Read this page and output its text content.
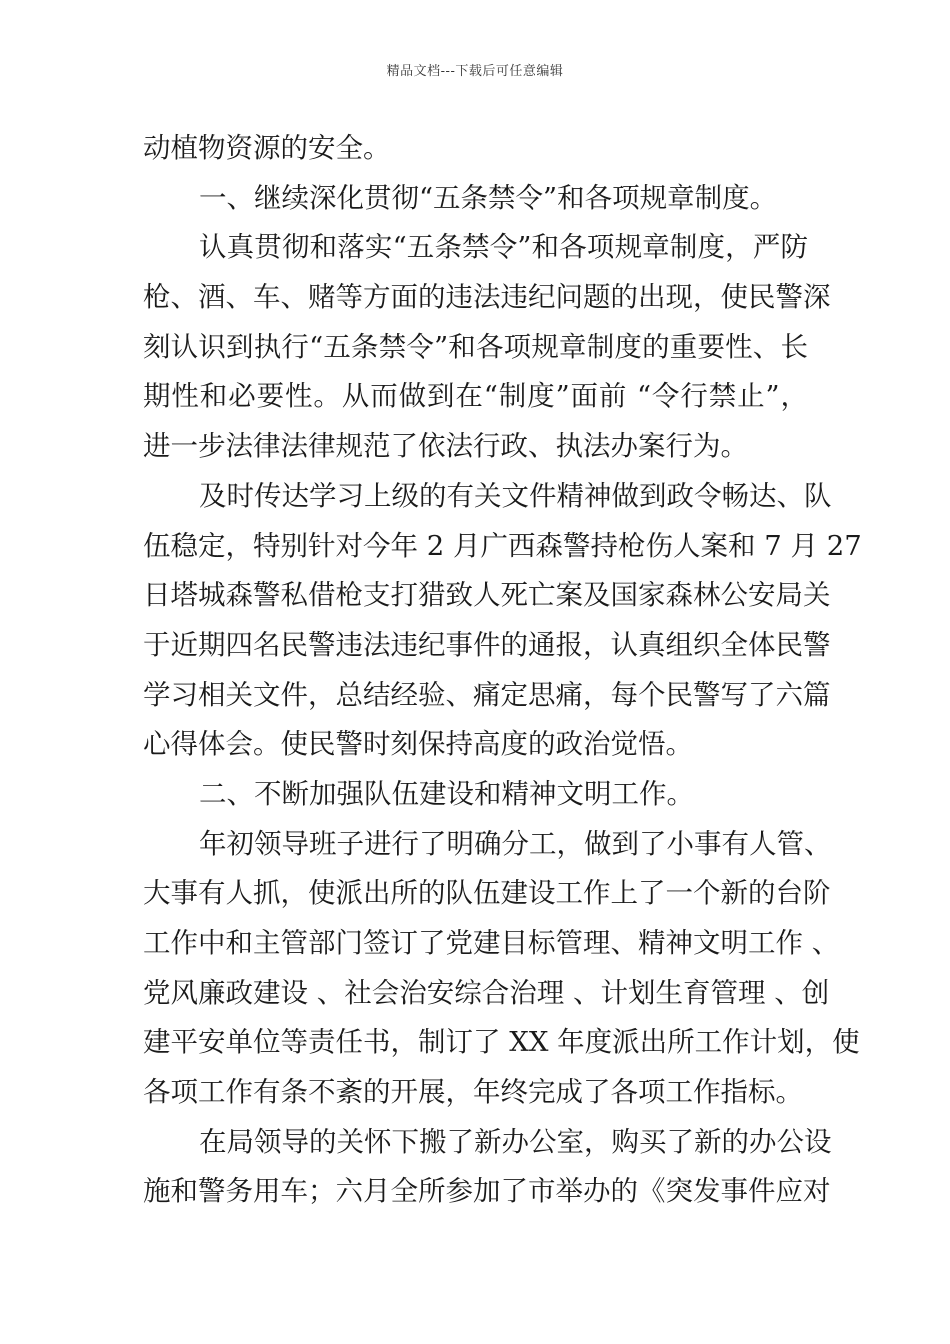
精品文档---下载后可任意编辑
动植物资源的安全。
一、继续深化贯彻“五条禁令”和各项规章制度。
认真贯彻和落实“五条禁令”和各项规章制度，严防
枪、酒、车、赌等方面的违法违纪问题的出现，使民警深
刻认识到执行“五条禁令”和各项规章制度的重要性、长
期性和必要性。从而做到在“制度”面前 “令行禁止”，
进一步法律法律规范了依法行政、执法办案行为。
及时传达学习上级的有关文件精神做到政令畅达、队
伍稳定，特别针对今年 2 月广西森警持枪伤人案和 7 月 27
日塔城森警私借枪支打猎致人死亡案及国家森林公安局关
于近期四名民警违法违纪事件的通报，认真组织全体民警
学习相关文件，总结经验、痛定思痛，每个民警写了六篇
心得体会。使民警时刻保持高度的政治觉悟。
二、不断加强队伍建设和精神文明工作。
年初领导班子进行了明确分工，做到了小事有人管、
大事有人抓，使派出所的队伍建设工作上了一个新的台阶
工作中和主管部门签订了党建目标管理、精神文明工作 、
党风廉政建设 、社会治安综合治理 、计划生育管理 、创
建平安单位等责任书，制订了 XX 年度派出所工作计划，使
各项工作有条不紊的开展，年终完成了各项工作指标。
在局领导的关怀下搬了新办公室，购买了新的办公设
施和警务用车；六月全所参加了市举办的《突发事件应对
